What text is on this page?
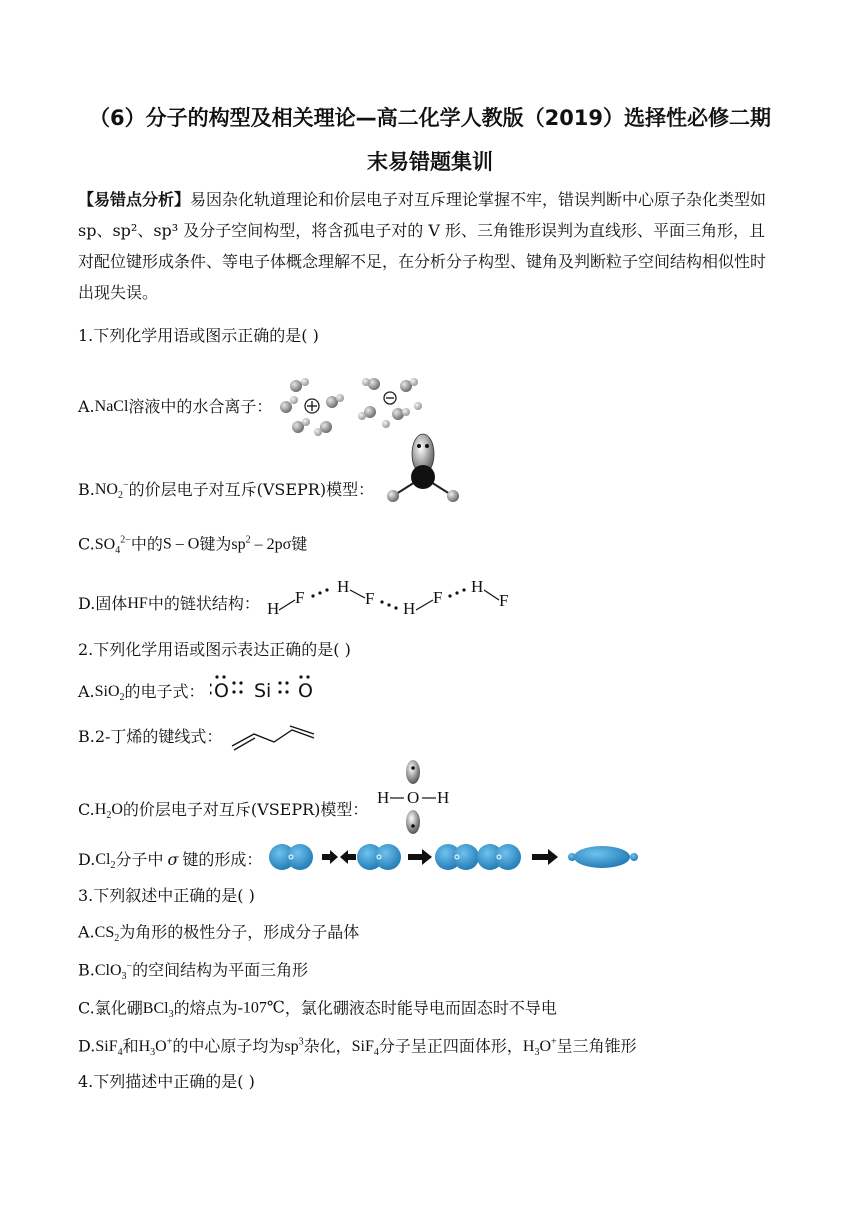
（6）分子的构型及相关理论—高二化学人教版（2019）选择性必修二期
末易错题集训
【易错点分析】易因杂化轨道理论和价层电子对互斥理论掌握不牢，错误判断中心原子杂化类型如 sp、sp²、sp³ 及分子空间构型，将含孤电子对的 V 形、三角锥形误判为直线形、平面三角形，且对配位键形成条件、等电子体概念理解不足，在分析分子构型、键角及判断粒子空间结构相似性时出现失误。
1.下列化学用语或图示正确的是( )
A.NaCl溶液中的水合离子：
$B.NO_2^-$的价层电子对互斥(VSEPR)模型：
$C.SO_4^{2-}$中的S – O键为$sp^2 - 2p\sigma$键
D.固体HF中的链状结构： H
F
H
F
H
F
H
F
2.下列化学用语或图示表达正确的是( )
A.SiO$_2$的电子式： O Si O
B.2-丁烯的键线式：
$C.H_2O$的价层电子对互斥(VSEPR)模型：
H O H
$D.Cl_2$分子中 σ 键的形成：
3.下列叙述中正确的是( )
$A.CS_2$为角形的极性分子，形成分子晶体
B.ClO$_3$−的空间结构为平面三角形
C.氯化硼BCl$_3$的熔点为-107℃，氯化硼液态时能导电而固态时不导电
D.SiF$_4$和$H_3O^+$的中心原子均为$sp^3$杂化，SiF$_4$分子呈正四面体形，$H_3O^+$呈三角锥形
4.下列描述中正确的是( )
